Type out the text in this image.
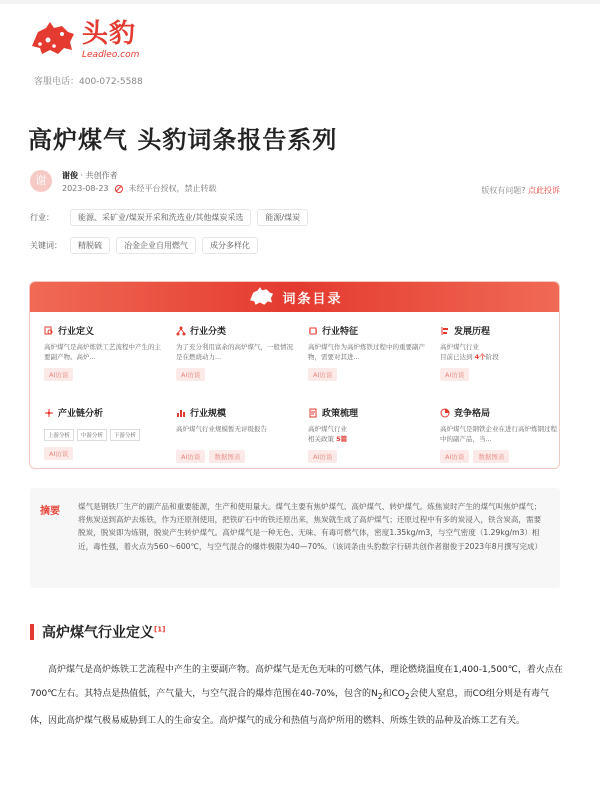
头豹
Leadleo.com
客服电话：400-072-5588
高炉煤气 头豹词条报告系列
谢	谢俊 · 共创作者
2023-08-23	未经平台授权，禁止转载	版权有问题? 点此投诉
行业：	能源、采矿业/煤炭开采和洗选业/其他煤炭采选	能源/煤炭
关键词：	精脱硫	冶金企业自用燃气	成分多样化
词条目录
行业定义
高炉煤气是高炉炼铁工艺流程中产生的主要副产物。高炉...
AI访谈
行业分类
为了充分利用富余的高炉煤气，一般情况是在燃烧动力...
AI访谈
行业特征
高炉煤气作为高炉炼铁过程中的重要副产物，需要对其进...
AI访谈
发展历程
高炉煤气行业
目前已达到 4个阶段
AI访谈
产业链分析
上游分析 中游分析 下游分析
AI访谈
行业规模
高炉煤气行业规模暂无评级报告
AI访谈 数据图表
政策梳理
高炉煤气行业
相关政策 5篇
AI访谈
竞争格局
高炉煤气是钢铁企业在进行高炉炼钢过程中的副产品，当...
AI访谈 数据图表
摘要 煤气是钢铁厂生产的副产品和重要能源，生产和使用量大。煤气主要有焦炉煤气、高炉煤气、转炉煤气。炼焦炭时产生的煤气叫焦炉煤气；将焦炭送到高炉去炼铁，作为还原剂使用，把铁矿石中的铁还原出来，焦炭就生成了高炉煤气；还原过程中有多的炭浸入，铁含炭高，需要脱炭，脱炭即为炼钢，脱炭产生转炉煤气。高炉煤气是一种无色、无味、有毒可燃气体，密度1.35kg/m3，与空气密度（1.29kg/m3）相近，毒性强，着火点为560～600℃，与空气混合的爆炸极限为40—70%。（该词条由头豹数字行研共创作者谢俊于2023年8月撰写完成）
高炉煤气行业定义[1]

高炉煤气是高炉炼铁工艺流程中产生的主要副产物。高炉煤气是无色无味的可燃气体，理论燃烧温度在1,400-1,500℃，着火点在700℃左右。其特点是热值低，产气量大，与空气混合的爆炸范围在40-70%，包含的$N_2$和$CO_2$会使人窒息，而CO组分则是有毒气体，因此高炉煤气极易威胁到工人的生命安全。高炉煤气的成分和热值与高炉所用的燃料、所炼生铁的品种及冶炼工艺有关。
